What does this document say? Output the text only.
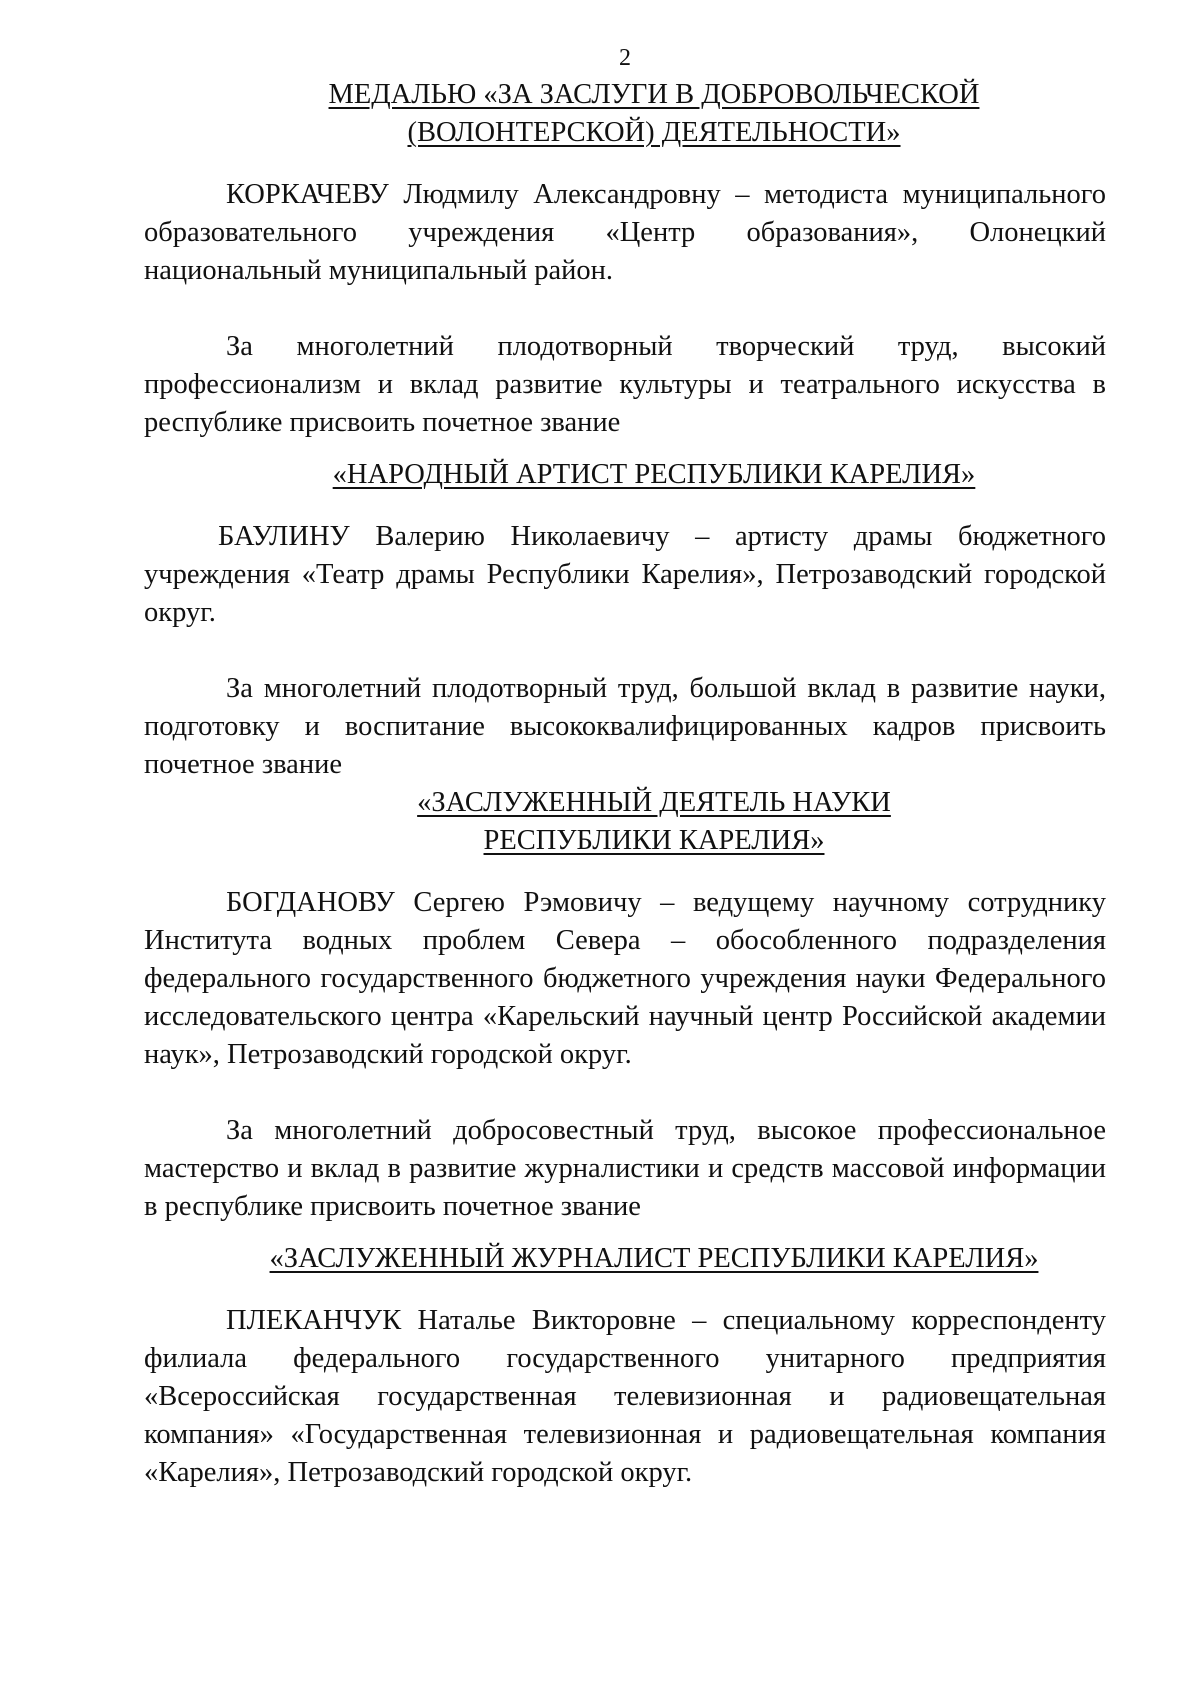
2

МЕДАЛЬЮ «ЗА ЗАСЛУГИ В ДОБРОВОЛЬЧЕСКОЙ
(ВОЛОНТЕРСКОЙ) ДЕЯТЕЛЬНОСТИ»

КОРКАЧЕВУ Людмилу Александровну – методиста муниципального образовательного учреждения «Центр образования», Олонецкий национальный муниципальный район.

За многолетний плодотворный творческий труд, высокий профессионализм и вклад развитие культуры и театрального искусства в республике присвоить почетное звание

«НАРОДНЫЙ АРТИСТ РЕСПУБЛИКИ КАРЕЛИЯ»

БАУЛИНУ Валерию Николаевичу – артисту драмы бюджетного учреждения «Театр драмы Республики Карелия», Петрозаводский городской округ.

За многолетний плодотворный труд, большой вклад в развитие науки, подготовку и воспитание высококвалифицированных кадров присвоить почетное звание

«ЗАСЛУЖЕННЫЙ ДЕЯТЕЛЬ НАУКИ
РЕСПУБЛИКИ КАРЕЛИЯ»

БОГДАНОВУ Сергею Рэмовичу – ведущему научному сотруднику Института водных проблем Севера – обособленного подразделения федерального государственного бюджетного учреждения науки Федерального исследовательского центра «Карельский научный центр Российской академии наук», Петрозаводский городской округ.

За многолетний добросовестный труд, высокое профессиональное мастерство и вклад в развитие журналистики и средств массовой информации в республике присвоить почетное звание

«ЗАСЛУЖЕННЫЙ ЖУРНАЛИСТ РЕСПУБЛИКИ КАРЕЛИЯ»

ПЛЕКАНЧУК Наталье Викторовне – специальному корреспонденту филиала федерального государственного унитарного предприятия «Всероссийская государственная телевизионная и радиовещательная компания» «Государственная телевизионная и радиовещательная компания «Карелия», Петрозаводский городской округ.
